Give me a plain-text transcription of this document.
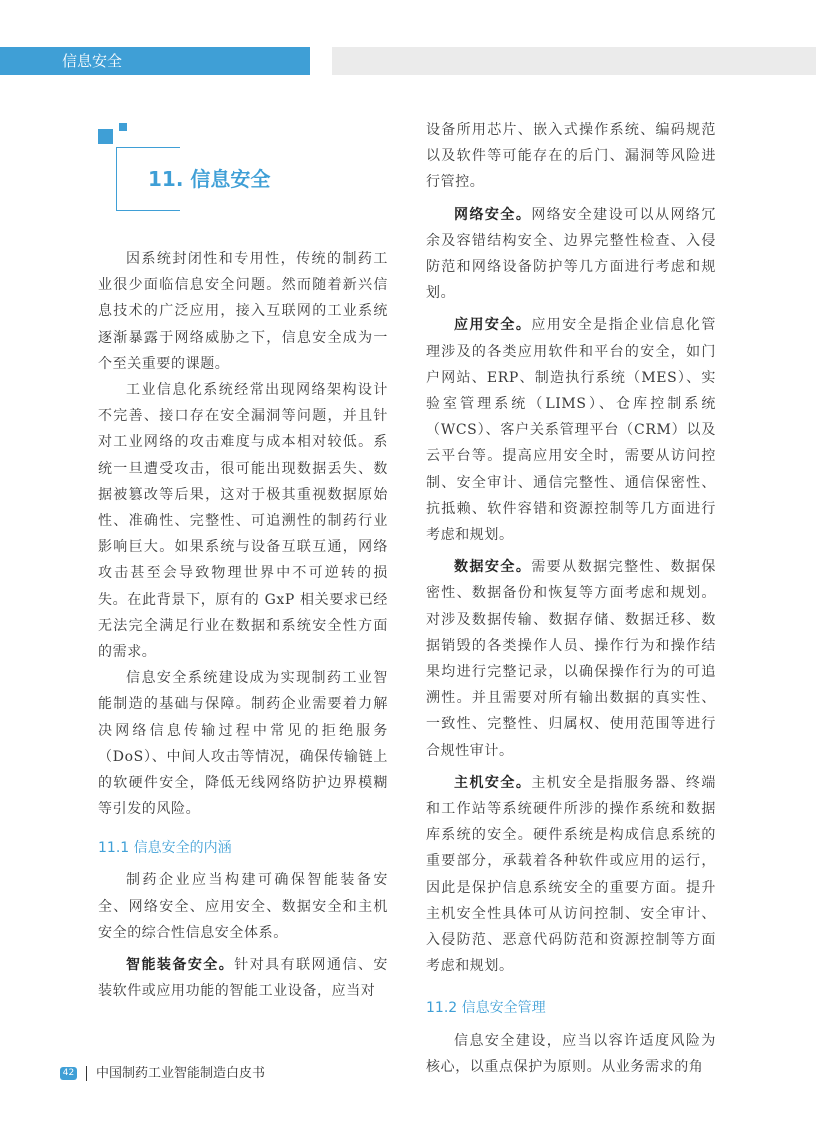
信息安全
11. 信息安全

因系统封闭性和专用性，传统的制药工业很少面临信息安全问题。然而随着新兴信息技术的广泛应用，接入互联网的工业系统逐渐暴露于网络威胁之下，信息安全成为一个至关重要的课题。

工业信息化系统经常出现网络架构设计不完善、接口存在安全漏洞等问题，并且针对工业网络的攻击难度与成本相对较低。系统一旦遭受攻击，很可能出现数据丢失、数据被篡改等后果，这对于极其重视数据原始性、准确性、完整性、可追溯性的制药行业影响巨大。如果系统与设备互联互通，网络攻击甚至会导致物理世界中不可逆转的损失。在此背景下，原有的 GxP 相关要求已经无法完全满足行业在数据和系统安全性方面的需求。

信息安全系统建设成为实现制药工业智能制造的基础与保障。制药企业需要着力解决网络信息传输过程中常见的拒绝服务（DoS）、中间人攻击等情况，确保传输链上的软硬件安全，降低无线网络防护边界模糊等引发的风险。

11.1 信息安全的内涵

制药企业应当构建可确保智能装备安全、网络安全、应用安全、数据安全和主机安全的综合性信息安全体系。

智能装备安全。针对具有联网通信、安装软件或应用功能的智能工业设备，应当对

设备所用芯片、嵌入式操作系统、编码规范以及软件等可能存在的后门、漏洞等风险进行管控。

网络安全。网络安全建设可以从网络冗余及容错结构安全、边界完整性检查、入侵防范和网络设备防护等几方面进行考虑和规划。

应用安全。应用安全是指企业信息化管理涉及的各类应用软件和平台的安全，如门户网站、ERP、制造执行系统（MES）、实验室管理系统（LIMS）、仓库控制系统（WCS）、客户关系管理平台（CRM）以及云平台等。提高应用安全时，需要从访问控制、安全审计、通信完整性、通信保密性、抗抵赖、软件容错和资源控制等几方面进行考虑和规划。

数据安全。需要从数据完整性、数据保密性、数据备份和恢复等方面考虑和规划。对涉及数据传输、数据存储、数据迁移、数据销毁的各类操作人员、操作行为和操作结果均进行完整记录，以确保操作行为的可追溯性。并且需要对所有输出数据的真实性、一致性、完整性、归属权、使用范围等进行合规性审计。

主机安全。主机安全是指服务器、终端和工作站等系统硬件所涉的操作系统和数据库系统的安全。硬件系统是构成信息系统的重要部分，承载着各种软件或应用的运行，因此是保护信息系统安全的重要方面。提升主机安全性具体可从访问控制、安全审计、入侵防范、恶意代码防范和资源控制等方面考虑和规划。

11.2 信息安全管理

信息安全建设，应当以容许适度风险为核心，以重点保护为原则。从业务需求的角

42 中国制药工业智能制造白皮书
